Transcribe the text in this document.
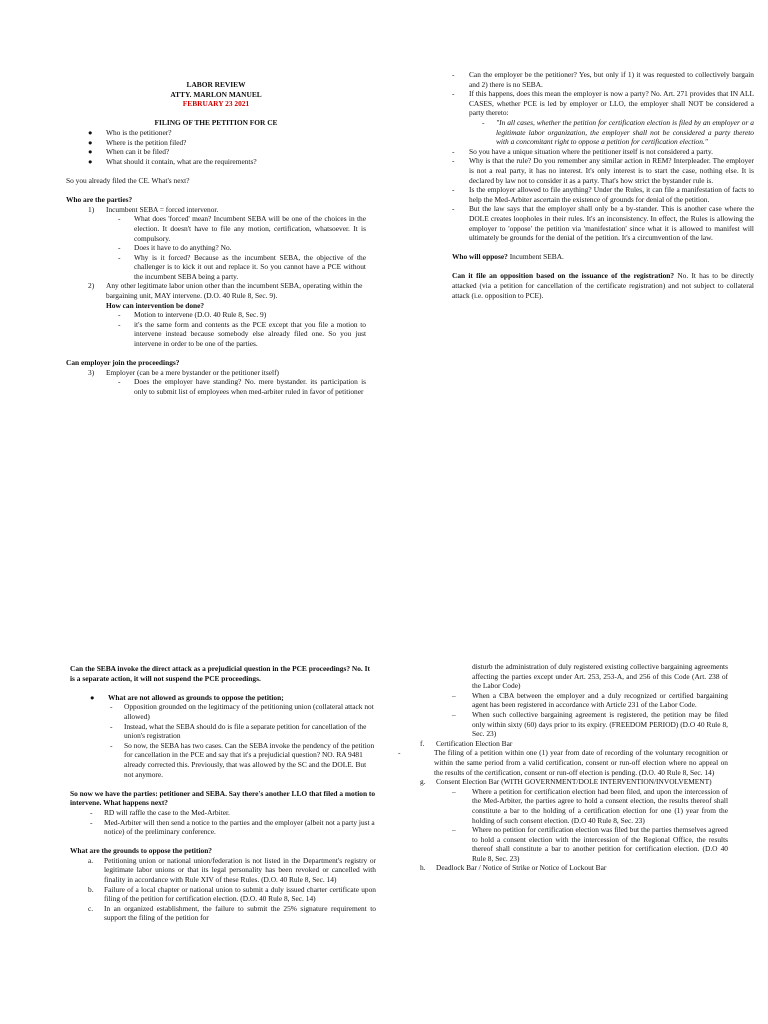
LABOR REVIEW
ATTY. MARLON MANUEL
FEBRUARY 23 2021
FILING OF THE PETITION FOR CE
●	Who is the petitioner?
●	Where is the petition filed?
●	When can it be filed?
●	What should it contain, what are the requirements?
So you already filed the CE. What's next?
Who are the parties?
1)	Incumbent SEBA = forced intervenor.
-	What does 'forced' mean? Incumbent SEBA will be one of the choices in the election. It doesn't have to file any motion, certification, whatsoever. It is compulsory.
-	Does it have to do anything? No.
-	Why is it forced? Because as the incumbent SEBA, the objective of the challenger is to kick it out and replace it. So you cannot have a PCE without the incumbent SEBA being a party.
2)	Any other legitimate labor union other than the incumbent SEBA, operating within the bargaining unit, MAY intervene. (D.O. 40 Rule 8, Sec. 9).
How can intervention be done?
-	Motion to intervene (D.O. 40 Rule 8, Sec. 9)
-	it's the same form and contents as the PCE except that you file a motion to intervene instead because somebody else already filed one. So you just intervene in order to be one of the parties.
Can employer join the proceedings?
3)	Employer (can be a mere bystander or the petitioner itself)
-	Does the employer have standing? No. mere bystander. its participation is only to submit list of employees when med-arbiter ruled in favor of petitioner
-	Can the employer be the petitioner? Yes, but only if 1) it was requested to collectively bargain and 2) there is no SEBA.
-	If this happens, does this mean the employer is now a party? No. Art. 271 provides that IN ALL CASES, whether PCE is led by employer or LLO, the employer shall NOT be considered a party thereto:
-	"In all cases, whether the petition for certification election is filed by an employer or a legitimate labor organization, the employer shall not be considered a party thereto with a concomitant right to oppose a petition for certification election."
-	So you have a unique situation where the petitioner itself is not considered a party.
-	Why is that the rule? Do you remember any similar action in REM? Interpleader. The employer is not a real party, it has no interest. It's only interest is to start the case, nothing else. It is declared by law not to consider it as a party. That's how strict the bystander rule is.
-	Is the employer allowed to file anything? Under the Rules, it can file a manifestation of facts to help the Med-Arbiter ascertain the existence of grounds for denial of the petition.
-	But the law says that the employer shall only be a by-stander. This is another case where the DOLE creates loopholes in their rules. It's an inconsistency. In effect, the Rules is allowing the employer to 'oppose' the petition via 'manifestation' since what it is allowed to manifest will ultimately be grounds for the denial of the petition. It's a circumvention of the law.
Who will oppose? Incumbent SEBA.
Can it file an opposition based on the issuance of the registration? No. It has to be directly attacked (via a petition for cancellation of the certificate registration) and not subject to collateral attack (i.e. opposition to PCE).
Can the SEBA invoke the direct attack as a prejudicial question in the PCE proceedings? No. It is a separate action, it will not suspend the PCE proceedings.
●	What are not allowed as grounds to oppose the petition;
-	Opposition grounded on the legitimacy of the petitioning union (collateral attack not allowed)
-	Instead, what the SEBA should do is file a separate petition for cancellation of the union's registration
-	So now, the SEBA has two cases. Can the SEBA invoke the pendency of the petition for cancellation in the PCE and say that it's a prejudicial question? NO. RA 9481 already corrected this. Previously, that was allowed by the SC and the DOLE. But not anymore.
So now we have the parties: petitioner and SEBA. Say there's another LLO that filed a motion to intervene. What happens next?
-	RD will raffle the case to the Med-Arbiter.
-	Med-Arbiter will then send a notice to the parties and the employer (albeit not a party just a notice) of the preliminary conference.
What are the grounds to oppose the petition?
a.	Petitioning union or national union/federation is not listed in the Department's registry or legitimate labor unions or that its legal personality has been revoked or cancelled with finality in accordance with Rule XIV of these Rules. (D.O. 40 Rule 8, Sec. 14)
b.	Failure of a local chapter or national union to submit a duly issued charter certificate upon filing of the petition for certification election. (D.O. 40 Rule 8, Sec. 14)
c.	In an organized establishment, the failure to submit the 25% signature requirement to support the filing of the petition for
disturb the administration of duly registered existing collective bargaining agreements affecting the parties except under Art. 253, 253-A, and 256 of this Code (Art. 238 of the Labor Code)
–	When a CBA between the employer and a duly recognized or certified bargaining agent has been registered in accordance with Article 231 of the Labor Code.
–	When such collective bargaining agreement is registered, the petition may be filed only within sixty (60) days prior to its expiry. (FREEDOM PERIOD) (D.O 40 Rule 8, Sec. 23)
f.	Certification Election Bar
-	The filing of a petition within one (1) year from date of recording of the voluntary recognition or within the same period from a valid certification, consent or run-off election where no appeal on the results of the certification, consent or run-off election is pending. (D.O. 40 Rule 8, Sec. 14)
g.	Consent Election Bar (WITH GOVERNMENT/DOLE INTERVENTION/INVOLVEMENT)
–	Where a petition for certification election had been filed, and upon the intercession of the Med-Arbiter, the parties agree to hold a consent election, the results thereof shall constitute a bar to the holding of a certification election for one (1) year from the holding of such consent election. (D.O 40 Rule 8, Sec. 23)
–	Where no petition for certification election was filed but the parties themselves agreed to hold a consent election with the intercession of the Regional Office, the results thereof shall constitute a bar to another petition for certification election. (D.O 40 Rule 8, Sec. 23)
h.	Deadlock Bar / Notice of Strike or Notice of Lockout Bar
